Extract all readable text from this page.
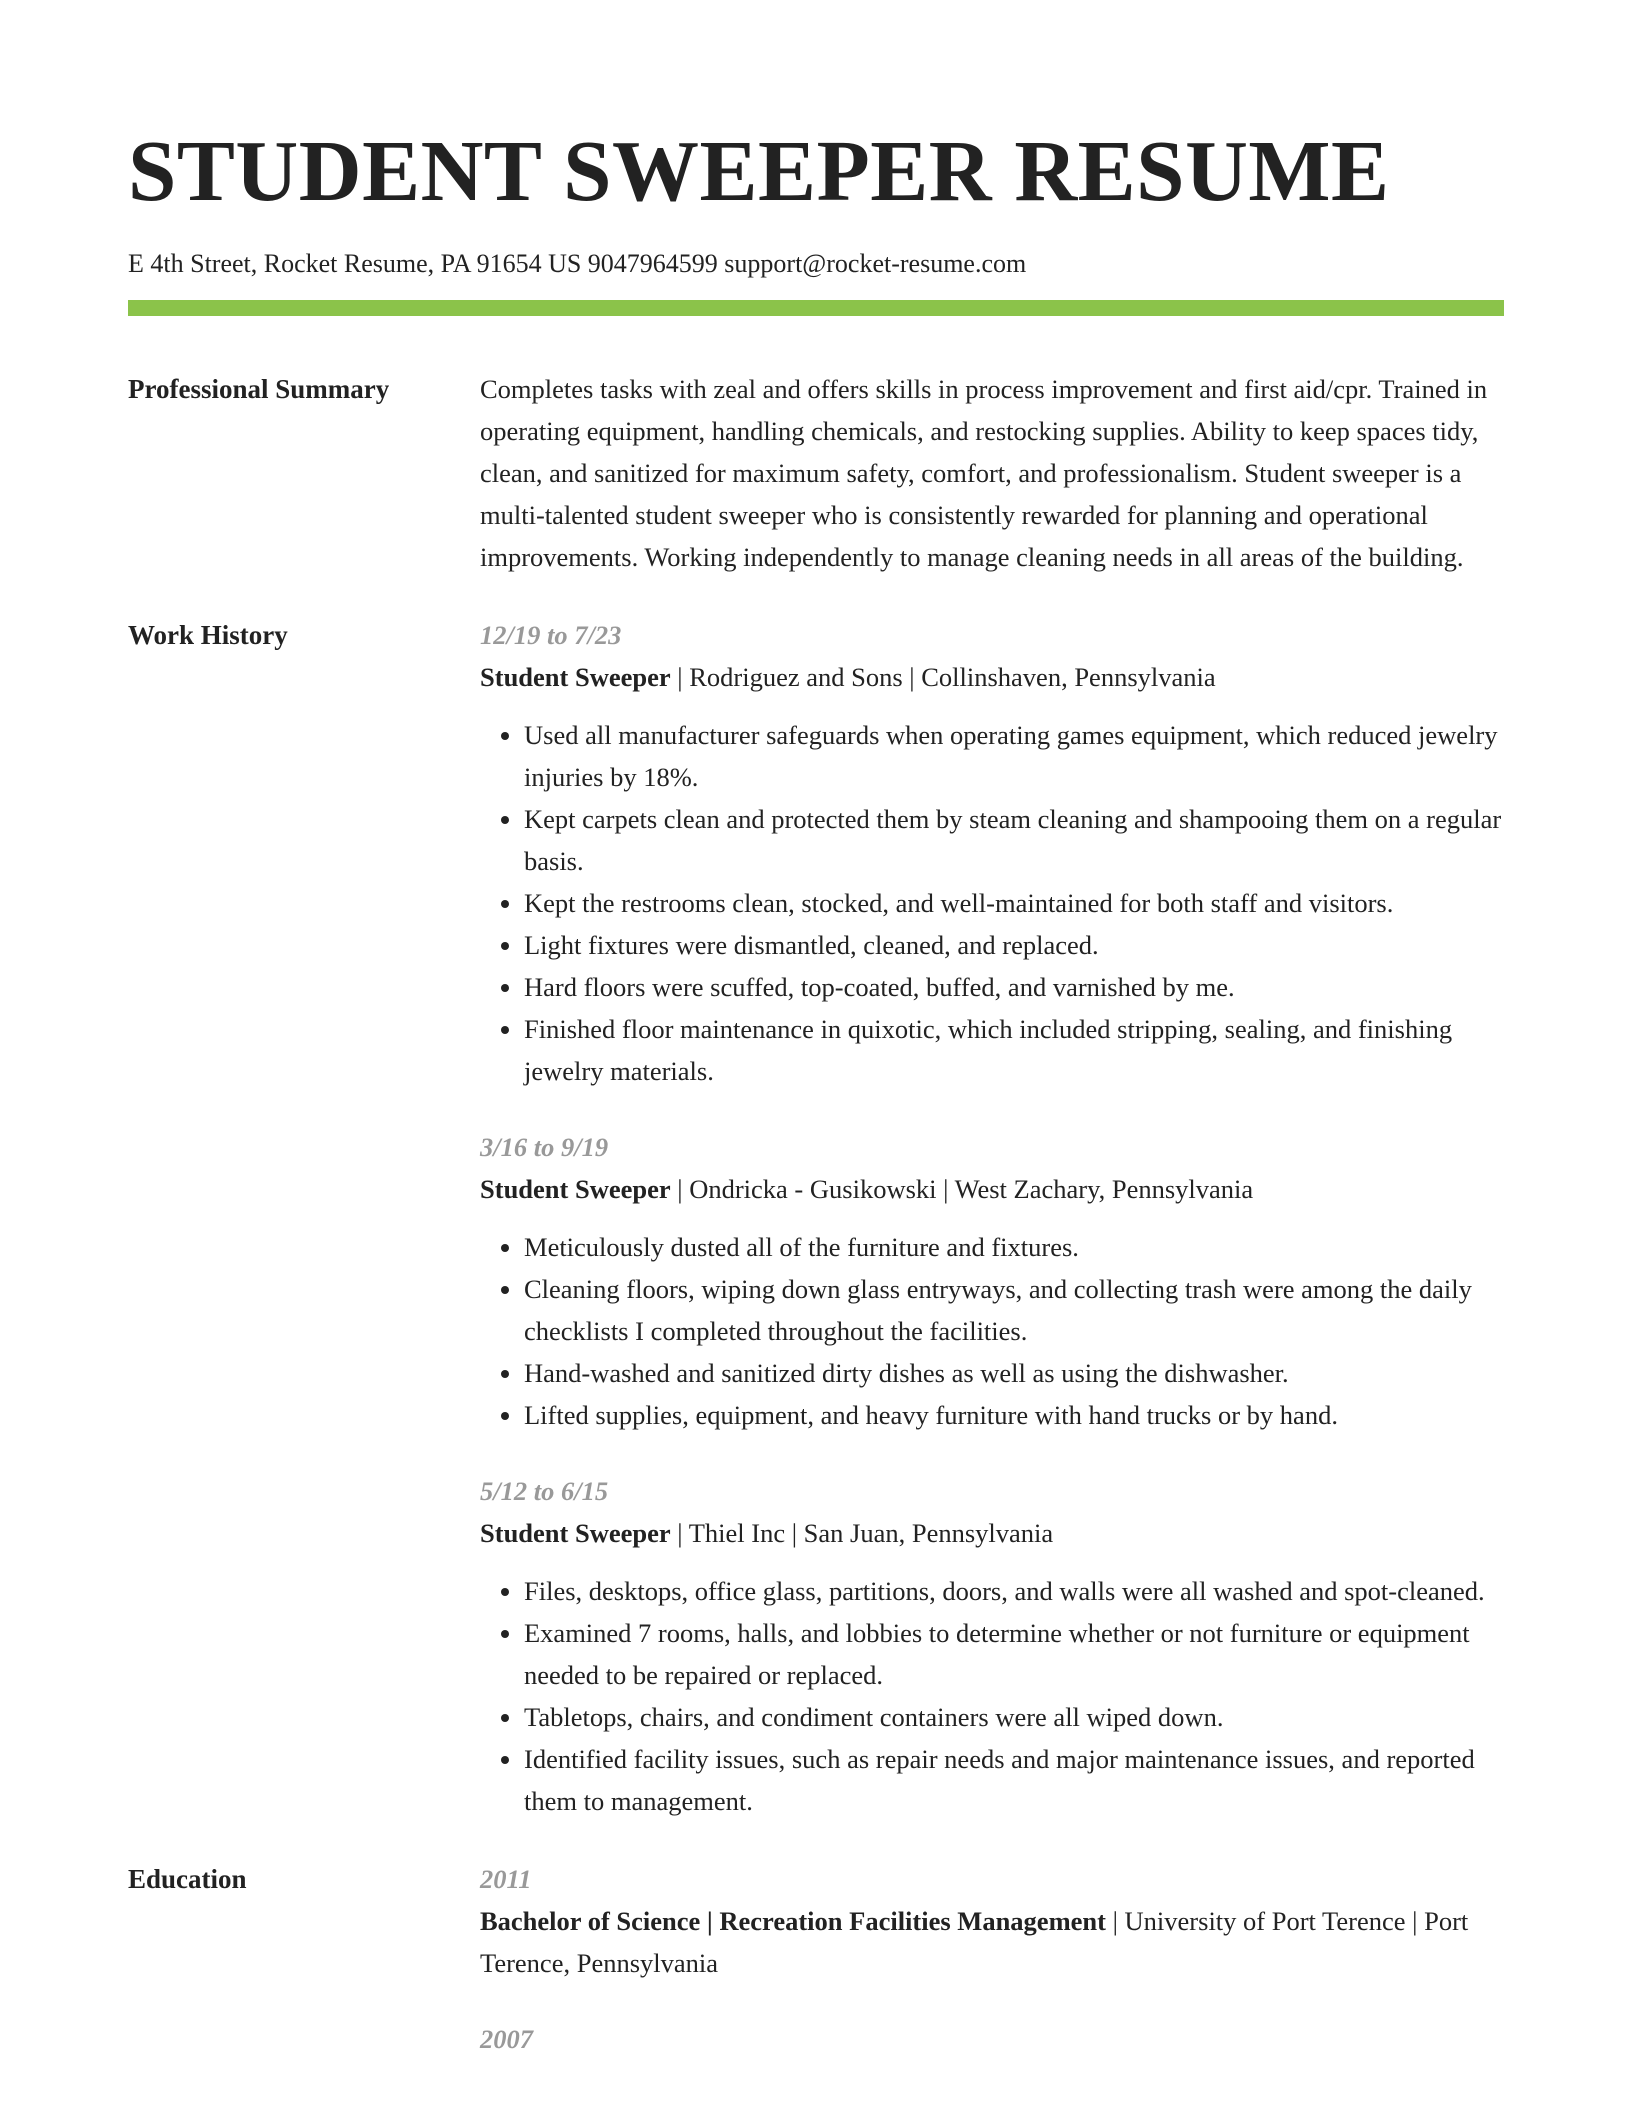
STUDENT SWEEPER RESUME
E 4th Street, Rocket Resume, PA 91654 US 9047964599 support@rocket-resume.com
Professional Summary	Completes tasks with zeal and offers skills in process improvement and first aid/cpr. Trained in operating equipment, handling chemicals, and restocking supplies. Ability to keep spaces tidy, clean, and sanitized for maximum safety, comfort, and professionalism. Student sweeper is a multi-talented student sweeper who is consistently rewarded for planning and operational improvements. Working independently to manage cleaning needs in all areas of the building.

Work History	12/19 to 7/23
Student Sweeper | Rodriguez and Sons | Collinshaven, Pennsylvania
• Used all manufacturer safeguards when operating games equipment, which reduced jewelry injuries by 18%.
• Kept carpets clean and protected them by steam cleaning and shampooing them on a regular basis.
• Kept the restrooms clean, stocked, and well-maintained for both staff and visitors.
• Light fixtures were dismantled, cleaned, and replaced.
• Hard floors were scuffed, top-coated, buffed, and varnished by me.
• Finished floor maintenance in quixotic, which included stripping, sealing, and finishing jewelry materials.
3/16 to 9/19
Student Sweeper | Ondricka - Gusikowski | West Zachary, Pennsylvania
• Meticulously dusted all of the furniture and fixtures.
• Cleaning floors, wiping down glass entryways, and collecting trash were among the daily checklists I completed throughout the facilities.
• Hand-washed and sanitized dirty dishes as well as using the dishwasher.
• Lifted supplies, equipment, and heavy furniture with hand trucks or by hand.
5/12 to 6/15
Student Sweeper | Thiel Inc | San Juan, Pennsylvania
• Files, desktops, office glass, partitions, doors, and walls were all washed and spot-cleaned.
• Examined 7 rooms, halls, and lobbies to determine whether or not furniture or equipment needed to be repaired or replaced.
• Tabletops, chairs, and condiment containers were all wiped down.
• Identified facility issues, such as repair needs and major maintenance issues, and reported them to management.
Education	2011
Bachelor of Science | Recreation Facilities Management | University of Port Terence | Port Terence, Pennsylvania
2007
